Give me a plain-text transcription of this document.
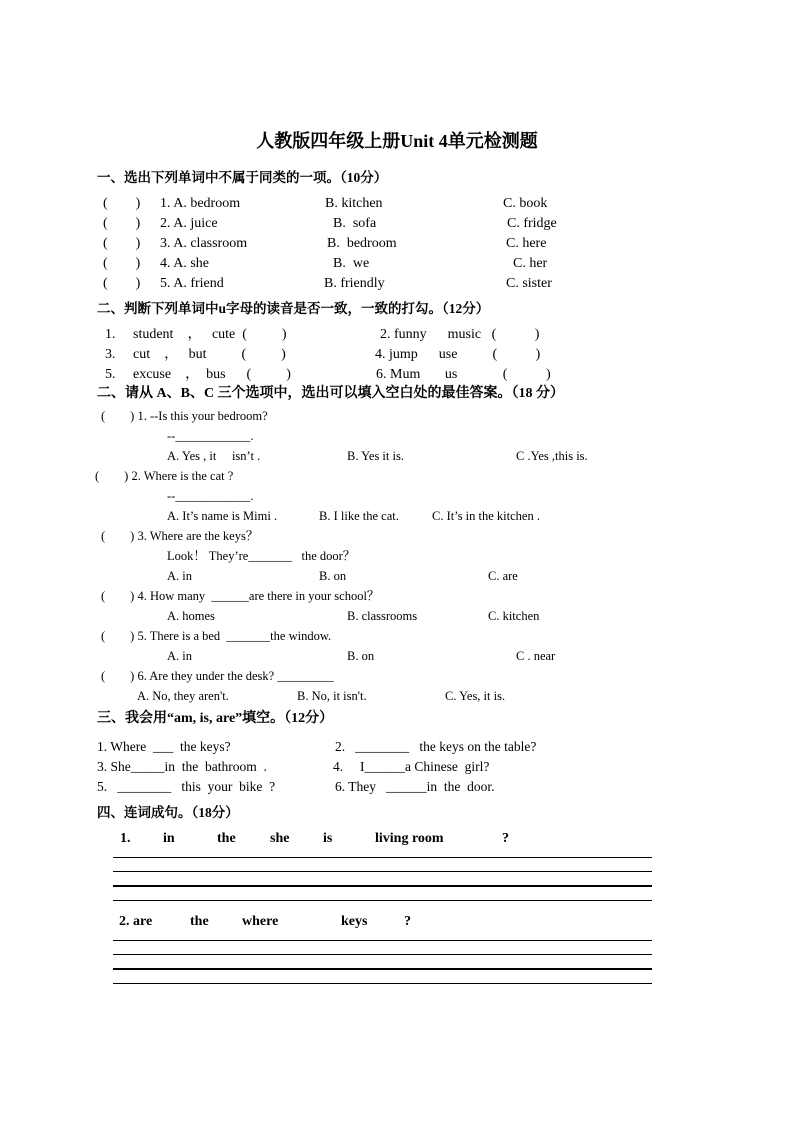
人教版四年级上册Unit 4单元检测题
一、选出下列单词中不属于同类的一项。（10分）
(        ) 1. A. bedroom	B. kitchen	C. book
(        ) 2. A. juice	B.  sofa	C. fridge
(        ) 3. A. classroom	B.  bedroom	C. here
(        ) 4. A. she	B.  we	C. her
(        ) 5. A. friend	B. friendly	C. sister
二、判断下列单词中u字母的读音是否一致，一致的打勾。（12分）
1.     student    ，   cute  (          )	2. funny      music   (           )
3.     cut    ，   but          (          )	4. jump      use          (           )
5.     excuse    ，  bus      (          )	6. Mum       us             (           )
二、请从 A、B、C 三个选项中，选出可以填入空白处的最佳答案。（18 分）
(        ) 1. --Is this your bedroom?
--____________.
A. Yes , it     isn’t .	B. Yes it is.	C .Yes ,this is.
(        ) 2. Where is the cat ?
--____________.
A. It’s name is Mimi .	B. I like the cat.	C. It’s in the kitchen .
(        ) 3. Where are the keys？
Look！ They’re_______   the door？
A. in	B. on	C. are
(        ) 4. How many  ______are there in your school？
A. homes	B. classrooms	C. kitchen
(        ) 5. There is a bed  _______the window.
A. in	B. on	C . near
(        ) 6. Are they under the desk? _________
A. No, they aren't.	B. No, it isn't.	C. Yes, it is.
三、我会用“am, is, are”填空。（12分）
1. Where  ___  the keys?	2.   ________   the keys on the table?
3. She_____in  the  bathroom  .	4.     I______a Chinese  girl?
5.   ________   this  your  bike  ?	6. They   ______in  the  door.
四、连词成句。（18分）
1. in	the she is	living room	?
2. are	the where	keys	?
